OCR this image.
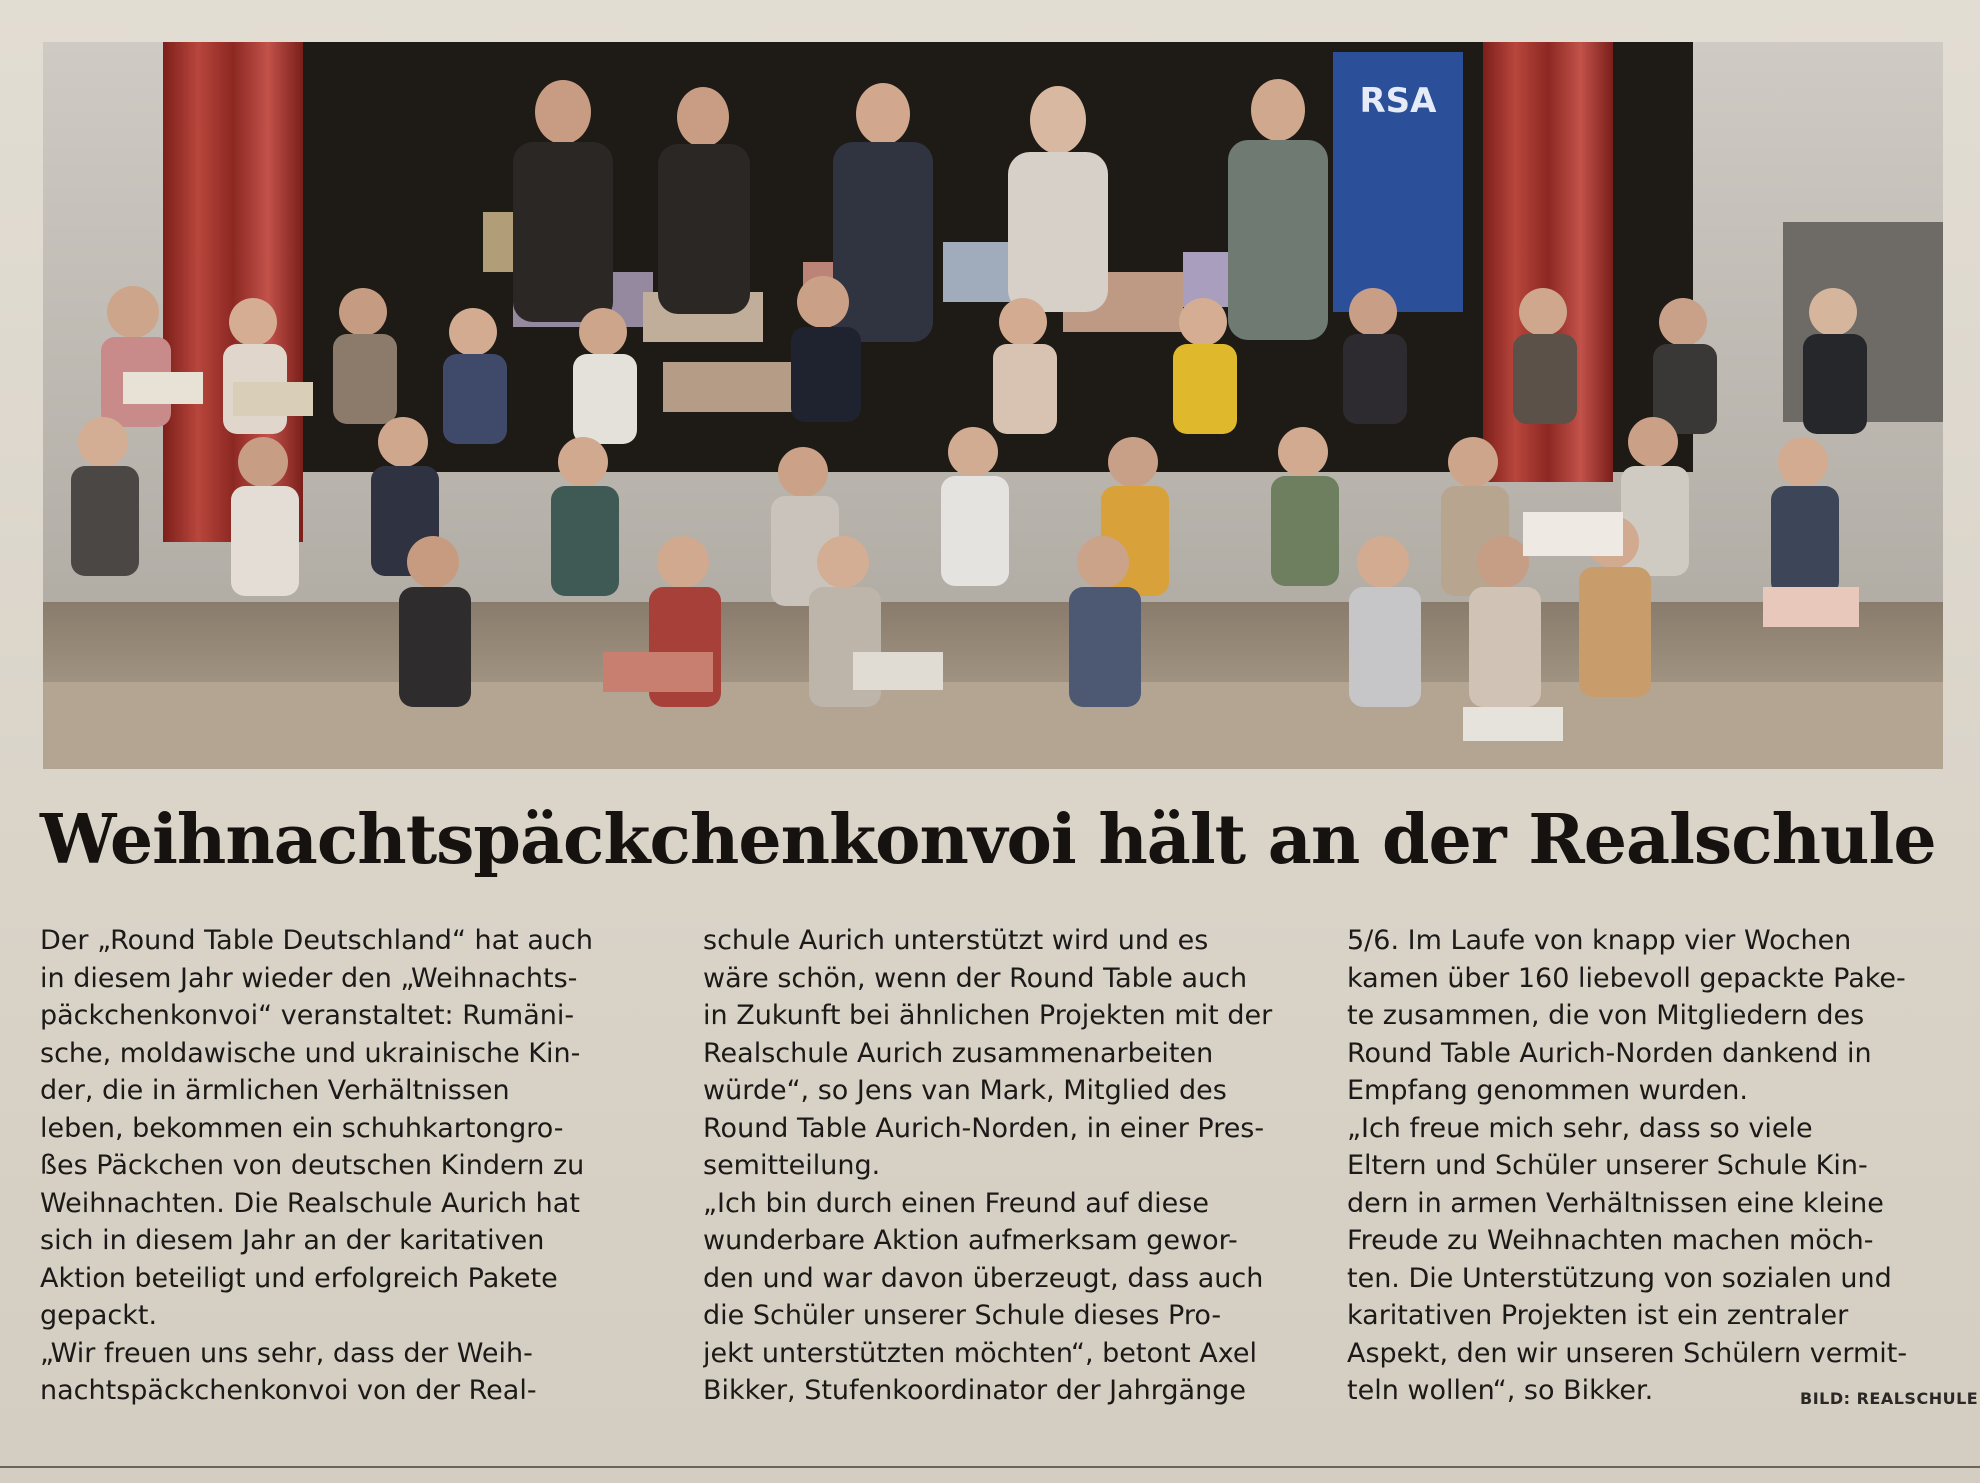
RSA
Weihnachtspäckchenkonvoi hält an der Realschule
Der „Round Table Deutschland“ hat auch
in diesem Jahr wieder den „Weihnachts-
päckchenkonvoi“ veranstaltet: Rumäni-
sche, moldawische und ukrainische Kin-
der, die in ärmlichen Verhältnissen
leben, bekommen ein schuhkartongro-
ßes Päckchen von deutschen Kindern zu
Weihnachten. Die Realschule Aurich hat
sich in diesem Jahr an der karitativen
Aktion beteiligt und erfolgreich Pakete
gepackt.
„Wir freuen uns sehr, dass der Weih-
nachtspäckchenkonvoi von der Real-
schule Aurich unterstützt wird und es
wäre schön, wenn der Round Table auch
in Zukunft bei ähnlichen Projekten mit der
Realschule Aurich zusammenarbeiten
würde“, so Jens van Mark, Mitglied des
Round Table Aurich-Norden, in einer Pres-
semitteilung.
„Ich bin durch einen Freund auf diese
wunderbare Aktion aufmerksam gewor-
den und war davon überzeugt, dass auch
die Schüler unserer Schule dieses Pro-
jekt unterstützten möchten“, betont Axel
Bikker, Stufenkoordinator der Jahrgänge
5/6. Im Laufe von knapp vier Wochen
kamen über 160 liebevoll gepackte Pake-
te zusammen, die von Mitgliedern des
Round Table Aurich-Norden dankend in
Empfang genommen wurden.
„Ich freue mich sehr, dass so viele
Eltern und Schüler unserer Schule Kin-
dern in armen Verhältnissen eine kleine
Freude zu Weihnachten machen möch-
ten. Die Unterstützung von sozialen und
karitativen Projekten ist ein zentraler
Aspekt, den wir unseren Schülern vermit-
teln wollen“, so Bikker.	BILD: REALSCHULE
